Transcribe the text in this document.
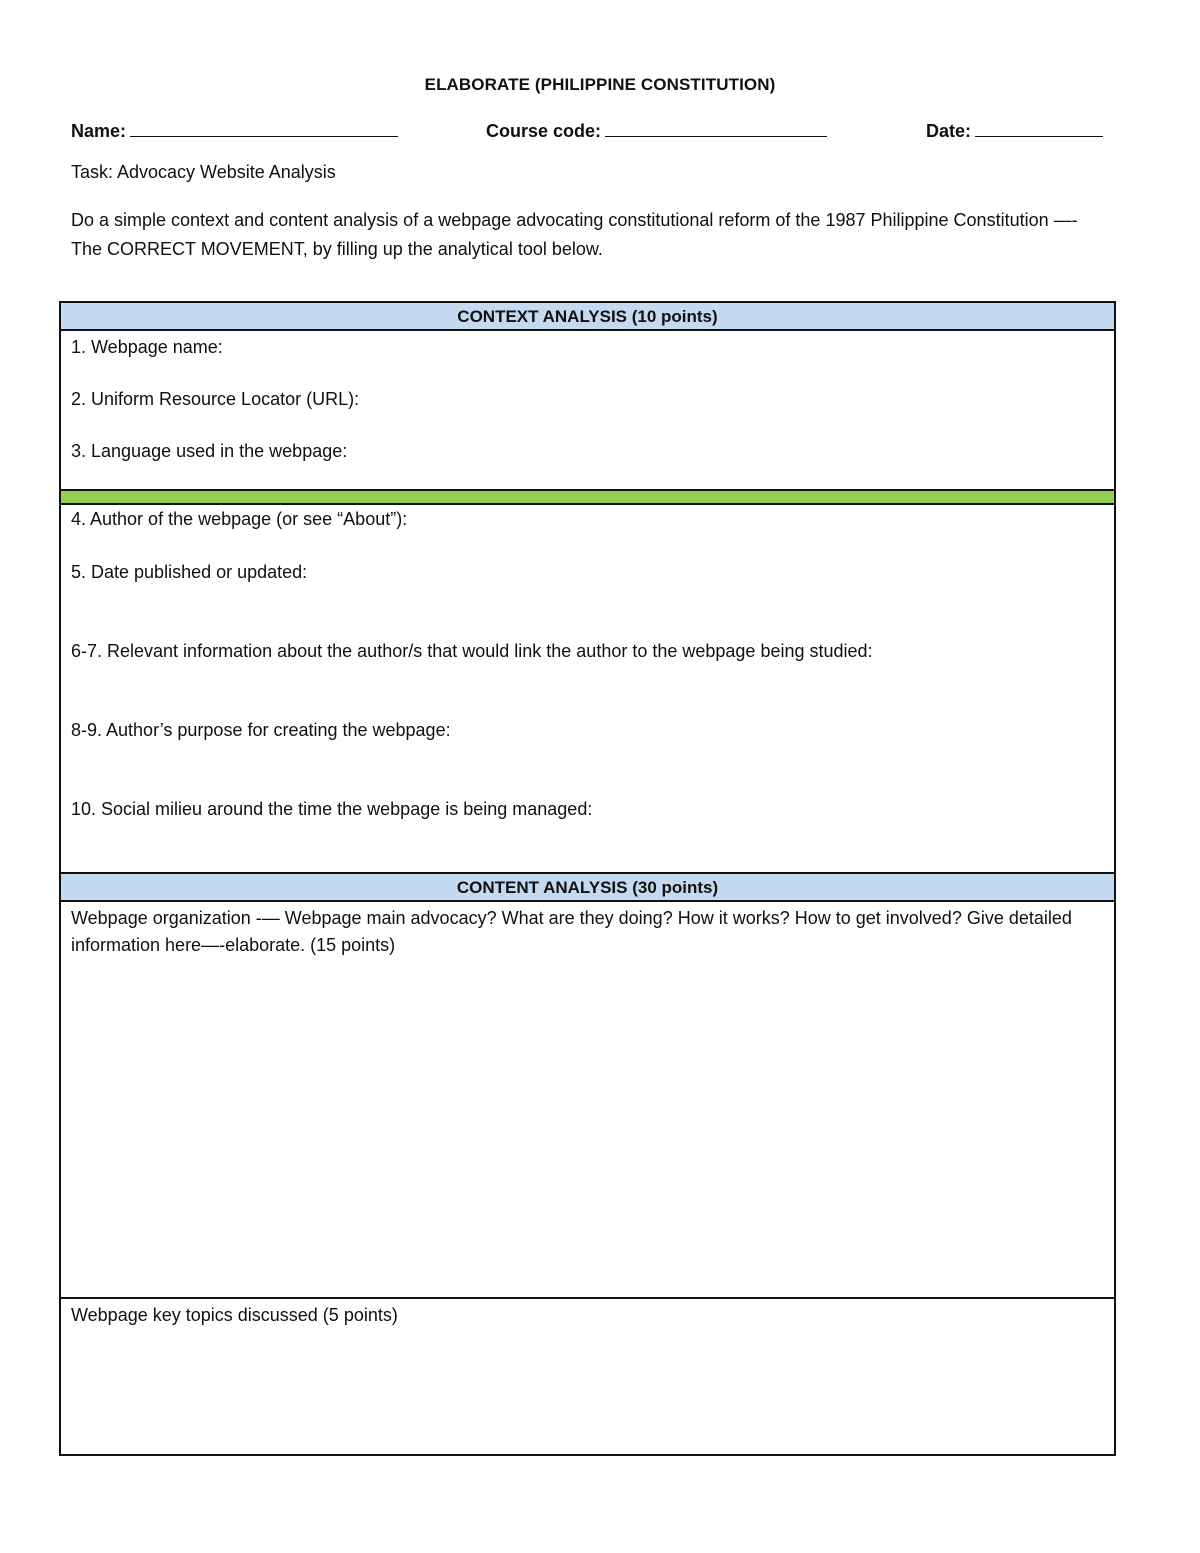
ELABORATE (PHILIPPINE CONSTITUTION)
Name:	Course code:	Date:
Task: Advocacy Website Analysis
Do a simple context and content analysis of a webpage advocating constitutional reform of the 1987 Philippine Constitution —- The CORRECT MOVEMENT, by filling up the analytical tool below.
CONTEXT ANALYSIS (10 points)
1. Webpage name:
2. Uniform Resource Locator (URL):
3. Language used in the webpage:
4. Author of the webpage (or see “About”):
5. Date published or updated:
6-7. Relevant information about the author/s that would link the author to the webpage being studied:
8-9. Author’s purpose for creating the webpage:
10. Social milieu around the time the webpage is being managed:
CONTENT ANALYSIS (30 points)
Webpage organization -— Webpage main advocacy? What are they doing? How it works? How to get involved? Give detailed information here—-elaborate. (15 points)
Webpage key topics discussed (5 points)
